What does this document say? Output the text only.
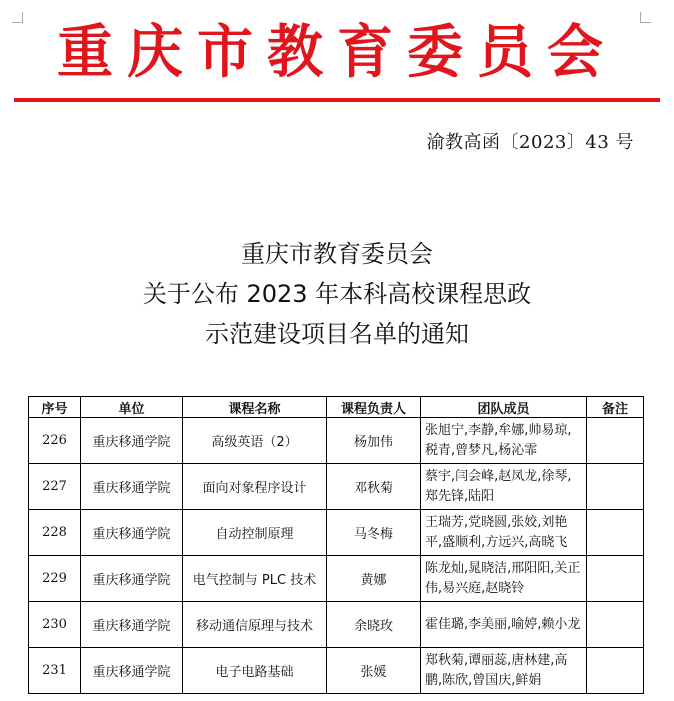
重庆市教育委员会
渝教高函〔2023〕43 号
重庆市教育委员会
关于公布 2023 年本科高校课程思政
示范建设项目名单的通知
序号	单位	课程名称	课程负责人	团队成员	备注
226	重庆移通学院	高级英语（2）	杨加伟	张旭宁,李静,牟娜,帅易琼,税青,曾梦凡,杨沁霏	
227	重庆移通学院	面向对象程序设计	邓秋菊	蔡宇,闫会峰,赵凤龙,徐琴,郑先锋,陆阳	
228	重庆移通学院	自动控制原理	马冬梅	王瑞芳,党晓圆,张姣,刘艳平,盛顺利,方远兴,高晓飞	
229	重庆移通学院	电气控制与 PLC 技术	黄娜	陈龙灿,晁晓洁,邢阳阳,关正伟,易兴庭,赵晓铃	
230	重庆移通学院	移动通信原理与技术	余晓玫	霍佳璐,李美丽,喻婷,赖小龙	
231	重庆移通学院	电子电路基础	张媛	郑秋菊,谭丽蕊,唐林建,高鹏,陈欣,曾国庆,鲜娟	
